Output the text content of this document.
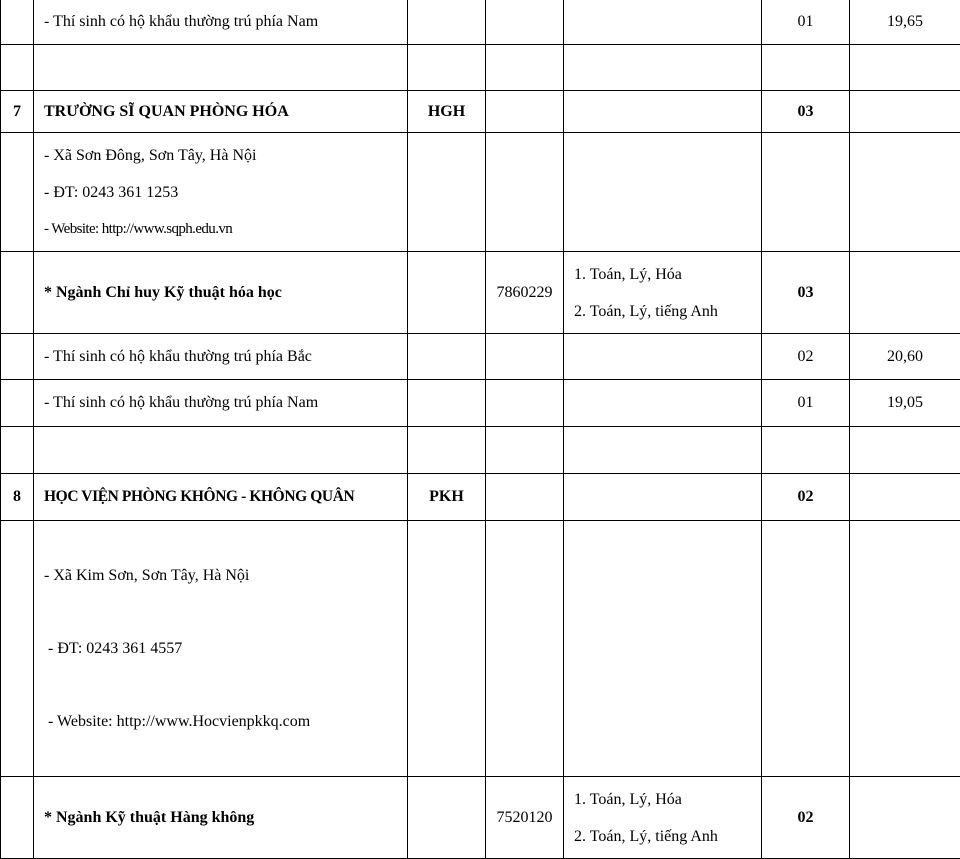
	- Thí sinh có hộ khẩu thường trú phía Nam				01	19,65

7	TRƯỜNG SĨ QUAN PHÒNG HÓA	HGH			03	

	- Xã Sơn Đông, Sơn Tây, Hà Nội
- ĐT: 0243 361 1253
- Website: http://www.sqph.edu.vn					

	* Ngành Chỉ huy Kỹ thuật hóa học		7860229	1. Toán, Lý, Hóa
2. Toán, Lý, tiếng Anh	03	
	- Thí sinh có hộ khẩu thường trú phía Bắc				02	20,60
	- Thí sinh có hộ khẩu thường trú phía Nam				01	19,05

8	HỌC VIỆN PHÒNG KHÔNG - KHÔNG QUÂN	PKH			02	

	- Xã Kim Sơn, Sơn Tây, Hà Nội

- ĐT: 0243 361 4557

- Website: http://www.Hocvienpkkq.com					

	* Ngành Kỹ thuật Hàng không		7520120	1. Toán, Lý, Hóa
2. Toán, Lý, tiếng Anh	02	
